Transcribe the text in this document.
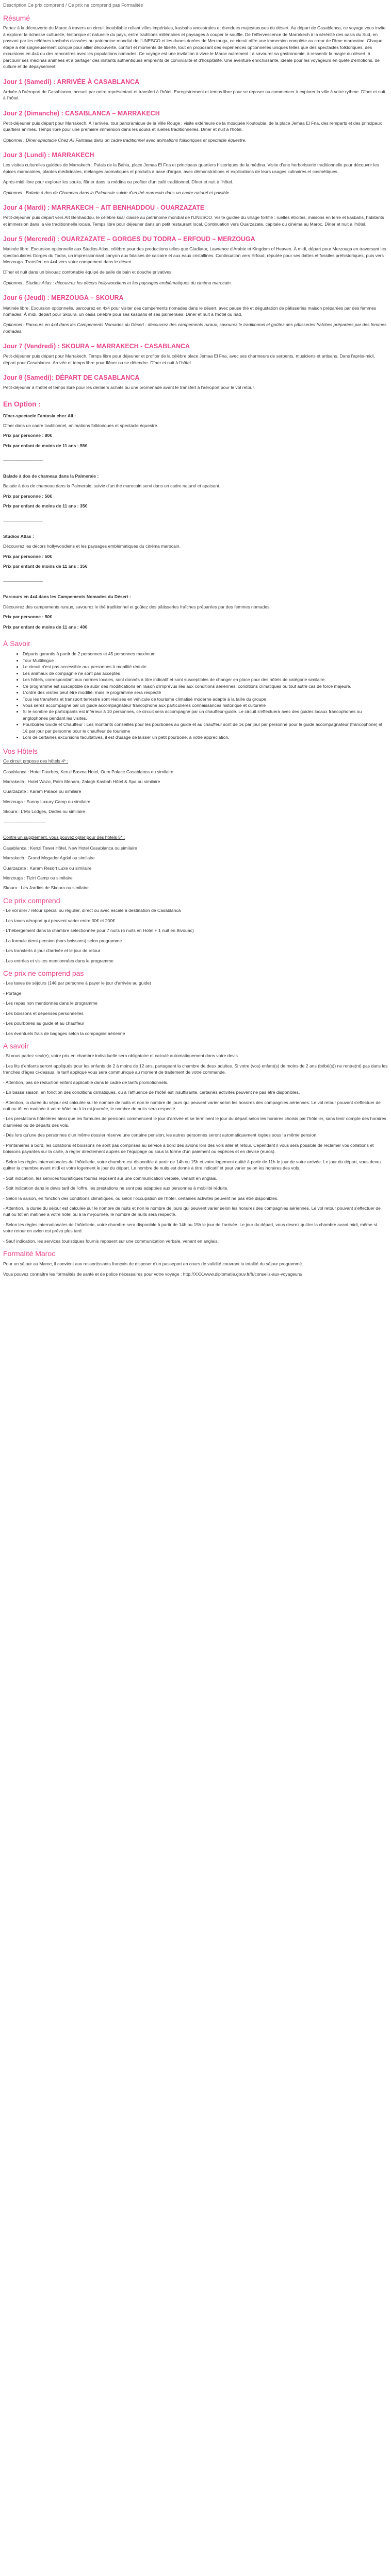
Description Ce prix comprend / Ce prix ne comprend pas Formalités
Résumé

Partez à la découverte du Maroc à travers un circuit inoubliable reliant villes impériales, kasbahs ancestrales et étendues majestueuses du désert. Au départ de Casablanca, ce voyage vous invite à explorer la richesse culturelle, historique et naturelle du pays, entre traditions millénaires et paysages à couper le souffle. De l'effervescence de Marrakech à la sérénité des oasis du Sud, en passant par les célèbres kasbahs classées au patrimoine mondial de l'UNESCO et les dunes dorées de Merzouga, ce circuit offre une immersion complète au cœur de l'âme marocaine. Chaque étape a été soigneusement conçue pour allier découverte, confort et moments de liberté, tout en proposant des expériences optionnelles uniques telles que des spectacles folkloriques, des excursions en 4x4 ou des rencontres avec les populations nomades. Ce voyage est une invitation à vivre le Maroc autrement : à savourer sa gastronomie, à ressentir la magie du désert, à parcourir ses médinas animées et à partager des instants authentiques empreints de convivialité et d'hospitalité. Une aventure enrichissante, idéale pour les voyageurs en quête d'émotions, de culture et de dépaysement.

Jour 1 (Samedi) : ARRIVÉE À CASABLANCA

Arrivée à l'aéroport de Casablanca, accueil par notre représentant et transfert à l'hôtel. Enregistrement et temps libre pour se reposer ou commencer à explorer la ville à votre rythme. Dîner et nuit à l'hôtel.

Jour 2 (Dimanche) : CASABLANCA – MARRAKECH

Petit-déjeuner puis départ pour Marrakech. À l'arrivée, tour panoramique de la Ville Rouge : visite extérieure de la mosquée Koutoubia, de la place Jemaa El Fna, des remparts et des principaux quartiers animés. Temps libre pour une première immersion dans les souks et ruelles traditionnelles. Dîner et nuit à l'hôtel.

Optionnel : Dîner-spectacle Chez Ali Fantasia dans un cadre traditionnel avec animations folkloriques et spectacle équestre.

Jour 3 (Lundi) : MARRAKECH

Les visites culturelles guidées de Marrakech : Palais de la Bahia, place Jemaa El Fna et principaux quartiers historiques de la médina. Visite d'une herboristerie traditionnelle pour découvrir les épices marocaines, plantes médicinales, mélanges aromatiques et produits à base d'argan, avec démonstrations et explications de leurs usages culinaires et cosmétiques.

Après-midi libre pour explorer les souks, flâner dans la médina ou profiter d'un café traditionnel. Dîner et nuit à l'hôtel.

Optionnel : Balade à dos de Chameau dans la Palmeraie suivie d'un thé marocain dans un cadre naturel et paisible.

Jour 4 (Mardi) : MARRAKECH – AIT BENHADDOU - OUARZAZATE

Petit-déjeuner puis départ vers Aït Benhaddou, le célèbre ksar classé au patrimoine mondial de l'UNESCO. Visite guidée du village fortifié : ruelles étroites, maisons en terre et kasbahs, habitants et immersion dans la vie traditionnelle locale. Temps libre pour déjeuner dans un petit restaurant local. Continuation vers Ouarzazate, capitale du cinéma au Maroc. Dîner et nuit à l'hôtel.

Jour 5 (Mercredi) : OUARZAZATE – GORGES DU TODRA – ERFOUD – MERZOUGA

Matinée libre. Excursion optionnelle aux Studios Atlas, célèbre pour des productions telles que Gladiator, Lawrence d'Arabie et Kingdom of Heaven. À midi, départ pour Merzouga en traversant les spectaculaires Gorges du Todra, un impressionnant canyon aux falaises de calcaire et aux eaux cristallines. Continuation vers Erfoud, réputée pour ses dattes et fossiles préhistoriques, puis vers Merzouga. Transfert en 4x4 vers votre campement dans le désert.

Dîner et nuit dans un bivouac confortable équipé de salle de bain et douche privatives.

Optionnel : Studios Atlas : découvrez les décors hollywoodiens et les paysages emblématiques du cinéma marocain.

Jour 6 (Jeudi) : MERZOUGA – SKOURA

Matinée libre. Excursion optionnelle, parcourez en 4x4 pour visiter des campements nomades dans le désert, avec pause thé et dégustation de pâtisseries maison préparées par des femmes nomades. À midi, départ pour Skoura, un oasis célèbre pour ses kasbahs et ses palmeraies. Dîner et nuit à l'hôtel ou riad.

Optionnel : Parcours en 4x4 dans les Campements Nomades du Désert : découvrez des campements ruraux, savourez le traditionnel et goûtez des pâtisseries fraîches préparées par des femmes nomades.

Jour 7 (Vendredi) : SKOURA – MARRAKECH - CASABLANCA

Petit-déjeuner puis départ pour Marrakech. Temps libre pour déjeuner et profiter de la célèbre place Jemaa El Fna, avec ses charmeurs de serpents, musiciens et artisans. Dans l'après-midi, départ pour Casablanca. Arrivée et temps libre pour flâner ou se détendre. Dîner et nuit à l'hôtel.

Jour 8 (Samedi): DÉPART DE CASABLANCA

Petit-déjeuner à l'hôtel et temps libre pour les derniers achats ou une promenade avant le transfert à l'aéroport pour le vol retour.

En Option :

Dîner-spectacle Fantasia chez Ali :

Dîner dans un cadre traditionnel, animations folkloriques et spectacle équestre.

Prix par personne : 80€

Prix par enfant de moins de 11 ans : 55€

-----------------------------------------

Balade à dos de chameau dans la Palmeraie :

Balade à dos de chameau dans la Palmeraie, suivie d'un thé marocain servi dans un cadre naturel et apaisant.

Prix par personne : 50€

Prix par enfant de moins de 11 ans : 35€

-----------------------------------------

Studios Atlas :

Découvrez les décors hollywoodiens et les paysages emblématiques du cinéma marocain.

Prix par personne : 50€

Prix par enfant de moins de 11 ans : 35€

-----------------------------------------

Parcours en 4x4 dans les Campements Nomades du Désert :

Découvrez des campements ruraux, savourez le thé traditionnel et goûtez des pâtisseries fraîches préparées par des femmes nomades.

Prix par personne : 50€

Prix par enfant de moins de 11 ans : 40€

À Savoir
• Départs garantis à partir de 2 personnes et 45 personnes maximum
• Tour Multilingue
• Le circuit n'est pas accessible aux personnes à mobilité réduite
• Les animaux de compagnie ne sont pas acceptés
• Les hôtels, correspondant aux normes locales, sont donnés à titre indicatif et sont susceptibles de changer en place pour des hôtels de catégorie similaire.
• Ce programme est susceptible de subir des modifications en raison d'imprévus liés aux conditions aériennes, conditions climatiques ou tout autre cas de force majeure.
• L'ordre des visites peut être modifié, mais le programme sera respecté
• Tous les transferts et transport terrestre sont réalisés en véhicule de tourisme climatisé moderne adapté à la taille du groupe
• Vous serez accompagné par un guide accompagnateur francophone aux particulières connaissances historique et culturelle
• Si le nombre de participants est inférieur à 10 personnes, ce circuit sera accompagné par un chauffeur-guide. Le circuit s'effectuera avec des guides locaux francophones ou anglophones pendant les visites.
• Pourboires Guide et Chauffeur : Les montants conseillés pour les pourboires au guide et au chauffeur sont de 1€ par jour par personne pour le guide accompagnateur (francophone) et 1€ par jour par personne pour le chauffeur de tourisme
• Lors de certaines excursions facultatives, il est d'usage de laisser un petit pourboire, à votre appréciation.
Vos Hôtels

Ce circuit propose des hôtels 4* :

Casablanca : Hotel Fourbes, Kenzi Basma Hotel, Oum Palace Casablanca ou similaire

Marrakech : Hotel Wazo, Palm Menara, Zalagh Kasbah Hôtel & Spa ou similaire

Ouarzazate : Karam Palace ou similaire

Merzouga : Sunny Luxury Camp ou similaire

Skoura : L'Mo Lodges, Dades ou similaire

--------------------------------------------

Contre un supplément, vous pouvez opter pour des hôtels 5* :

Casablanca : Kenzi Tower Hôtel, New Hotel Casablanca ou similaire

Marrakech : Grand Mogador Agdal ou similaire

Ouarzazate : Karam Resort Luxe ou similaire

Merzouga : Tizirt Camp ou similaire

Skoura : Les Jardins de Skoura ou similaire

Ce prix comprend

- Le vol aller / retour spécial ou régulier, direct ou avec escale à destination de Casablanca

- Les taxes aéroport qui peuvent varier entre 30€ et 200€

- L'hébergement dans la chambre sélectionnée pour 7 nuits (6 nuits en Hotel + 1 nuit en Bivouac)

- La formule demi-pension (hors boissons) selon programme

- Les transferts à jour d'arrivée et le jour de retour

- Les entrées et visites mentionnées dans le programme

Ce prix ne comprend pas

- Les taxes de séjours (14€ par personne à payer le jour d'arrivée au guide)

- Portage

- Les repas non mentionnés dans le programme

- Les boissons et dépenses personnelles

- Les pourboires au guide et au chauffeur

- Les éventuels frais de bagages selon la compagnie aérienne

A savoir

- Si vous partez seul(e), votre prix en chambre individuelle sera obligatoire et calculé automatiquement dans votre devis.

- Les lits d'enfants seront appliqués pour les enfants de 2 à moins de 12 ans, partageant la chambre de deux adultes. Si votre (vos) enfant(s) de moins de 2 ans (bébé(s)) ne rentre(nt) pas dans les tranches d'âges ci-dessus, le tarif appliqué vous sera communiqué au moment de traitement de votre commande.

- Attention, pas de réduction enfant applicable dans le cadre de tarifs promotionnels.

- En basse saison, en fonction des conditions climatiques, ou à l'affluence de l'hôtel est insuffisante, certaines activités peuvent ne pas être disponibles.

- Attention, la durée du séjour est calculée sur le nombre de nuits et non le nombre de jours qui peuvent varier selon les horaires des compagnies aériennes. Le vol retour pouvant s'effectuer de nuit ou tôt en matinée à votre hôtel ou à la mi-journée, le nombre de nuits sera respecté.

- Les prestations hôtelières ainsi que les formules de pensions commencent le jour d'arrivée et se terminent le jour du départ selon les horaires choisis par l'hôtelier, sans tenir compte des horaires d'arrivées ou de départs des vols.

- Dès lors qu'une des personnes d'un même dossier réserve une certaine pension, les autres personnes seront automatiquement logées sous la même pension.

- Printanières à bord, les collations et boissons ne sont pas comprises au service à bord des avions lors des vols aller et retour. Cependant il vous sera possible de réclamer vos collations et boissons payantes sur la carte, à régler directement auprès de l'équipage ou sous la forme d'un paiement ou espèces et en devise (euros).

- Selon les règles internationales de l'hôtellerie, votre chambre est disponible à partir de 14h ou 15h et votre logement quitté à partir de 11h le jour de votre arrivée. Le jour du départ, vous devez quitter la chambre avant midi et votre logement le jour du départ. Le nombre de nuits est donné à titre indicatif et peut varier selon les horaires des vols.

- Soit indication, les services touristiques fournis reposent sur une communication verbale, venant en anglais.

- Soit indication dans le devis tarif de l'offre, les prestations ne sont pas adaptées aux personnes à mobilité réduite.

- Selon la saison, en fonction des conditions climatiques, ou selon l'occupation de l'hôtel, certaines activités peuvent ne pas être disponibles.

- Attention, la durée du séjour est calculée sur le nombre de nuits et non le nombre de jours qui peuvent varier selon les horaires des compagnies aériennes. Le vol retour pouvant s'effectuer de nuit ou tôt en matinée à votre hôtel ou à la mi-journée, le nombre de nuits sera respecté.

- Selon les règles internationales de l'hôtellerie, votre chambre sera disponible à partir de 14h ou 15h le jour de l'arrivée. Le jour du départ, vous devrez quitter la chambre avant midi, même si votre retour en avion est prévu plus tard.

- Sauf indication, les services touristiques fournis reposent sur une communication verbale, venant en anglais.

Formalité Maroc

Pour un séjour au Maroc, il convient aux ressortissants français de disposer d'un passeport en cours de validité couvrant la totalité du séjour programmé.

Vous pouvez connaître les formalités de santé et de police nécessaires pour votre voyage : http://XXX.www.diplomatie.gouv.fr/fr/conseils-aux-voyageurs/
